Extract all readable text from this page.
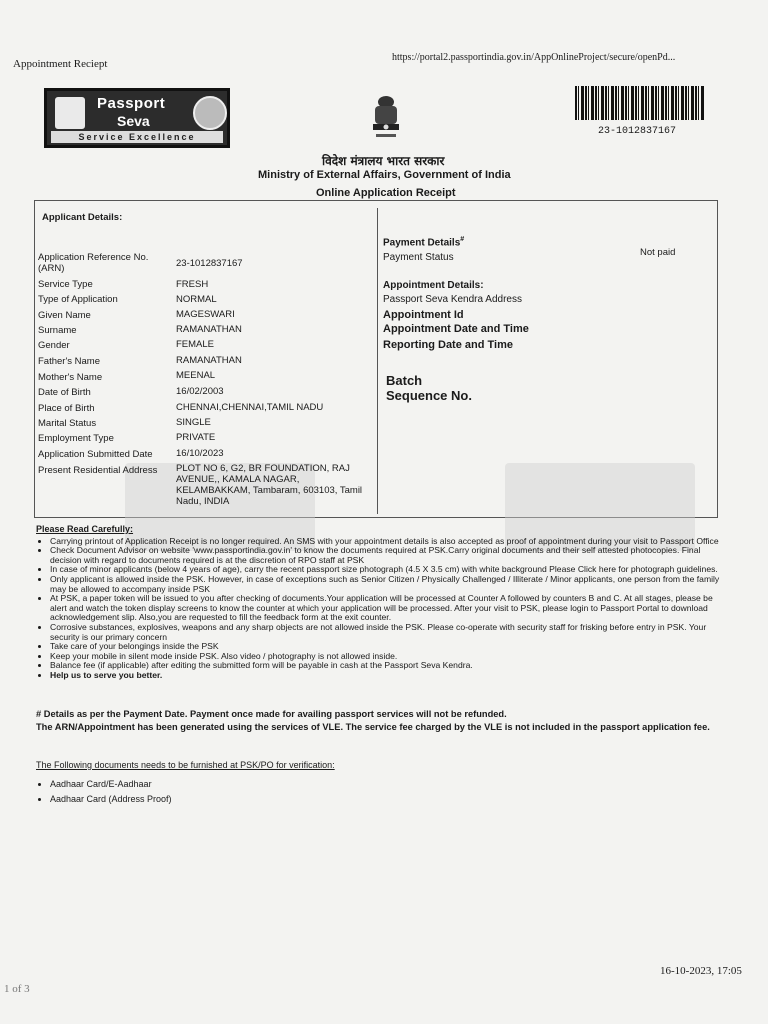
Appointment Reciept
https://portal2.passportindia.gov.in/AppOnlineProject/secure/openPd...
Passport
Seva
Service Excellence	23-1012837167
विदेश मंत्रालय भारत सरकार
Ministry of External Affairs, Government of India
Online Application Receipt
Applicant Details:
Application Reference No.(ARN)	23-1012837167
Service Type	FRESH
Type of Application	NORMAL
Given Name	MAGESWARI
Surname	RAMANATHAN
Gender	FEMALE
Father's Name	RAMANATHAN
Mother's Name	MEENAL
Date of Birth	16/02/2003
Place of Birth	CHENNAI,CHENNAI,TAMIL NADU
Marital Status	SINGLE
Employment Type	PRIVATE
Application Submitted Date	16/10/2023
Present Residential Address PLOT NO 6, G2, BR FOUNDATION, RAJ AVENUE,, KAMALA NAGAR, KELAMBAKKAM, Tambaram, 603103, Tamil Nadu, INDIA
Payment Details#
Payment Status	Not paid
Appointment Details:
Passport Seva Kendra Address
Appointment Id
Appointment Date and Time
Reporting Date and Time
Batch
Sequence No.
Please Read Carefully:
• Carrying printout of Application Receipt is no longer required. An SMS with your appointment details is also accepted as proof of appointment during your visit to Passport Office
• Check Document Advisor on website 'www.passportindia.gov.in' to know the documents required at PSK.Carry original documents and their self attested photocopies. Final decision with regard to documents required is at the discretion of RPO staff at PSK
• In case of minor applicants (below 4 years of age), carry the recent passport size photograph (4.5 X 3.5 cm) with white background Please Click here for photograph guidelines.
• Only applicant is allowed inside the PSK. However, in case of exceptions such as Senior Citizen / Physically Challenged / Illiterate / Minor applicants, one person from the family may be allowed to accompany inside PSK
• At PSK, a paper token will be issued to you after checking of documents.Your application will be processed at Counter A followed by counters B and C. At all stages, please be alert and watch the token display screens to know the counter at which your application will be processed. After your visit to PSK, please login to Passport Portal to download acknowledgement slip. Also,you are requested to fill the feedback form at the exit counter.
• Corrosive substances, explosives, weapons and any sharp objects are not allowed inside the PSK. Please co-operate with security staff for frisking before entry in PSK. Your security is our primary concern
• Take care of your belongings inside the PSK
• Keep your mobile in silent mode inside PSK. Also video / photography is not allowed inside.
• Balance fee (if applicable) after editing the submitted form will be payable in cash at the Passport Seva Kendra.
• Help us to serve you better.
# Details as per the Payment Date. Payment once made for availing passport services will not be refunded.
The ARN/Appointment has been generated using the services of VLE. The service fee charged by the VLE is not included in the passport application fee.
The Following documents needs to be furnished at PSK/PO for verification:
• Aadhaar Card/E-Aadhaar
• Aadhaar Card (Address Proof)
16-10-2023, 17:05
1 of 3
